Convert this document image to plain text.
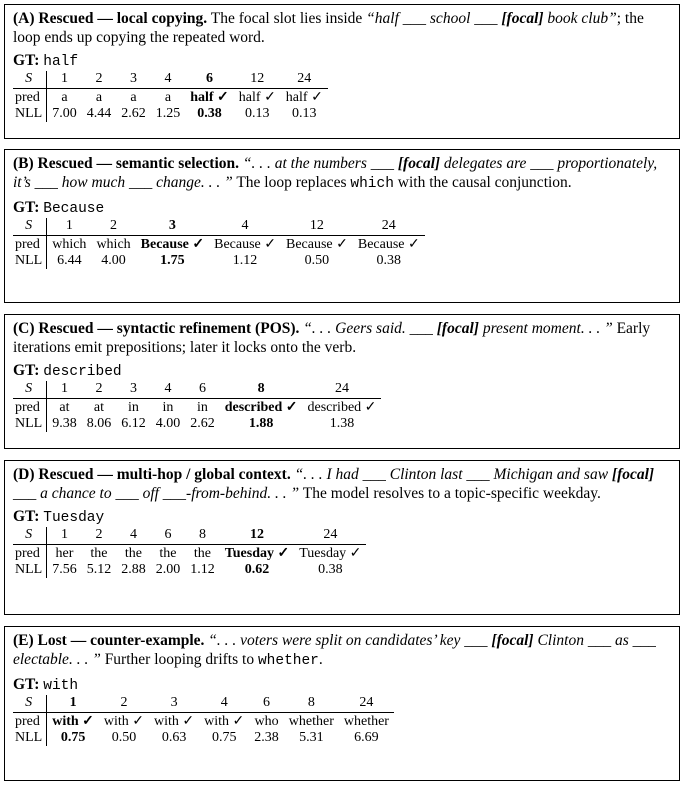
(A) Rescued — local copying. The focal slot lies inside “half ___ school ___ [focal] book club”; the loop ends up copying the repeated word.

GT: half
S	1	2	3	4	6	12	24
pred	a	a	a	a	half ✓	half ✓	half ✓
NLL	7.00	4.44	2.62	1.25	0.38	0.13	0.13

(B) Rescued — semantic selection. “. . . at the numbers ___ [focal] delegates are ___ proportionately, it’s ___ how much ___ change. . . ” The loop replaces which with the causal conjunction.

GT: Because
S	1	2	3	4	12	24
pred	which	which	Because ✓	Because ✓	Because ✓	Because ✓
NLL	6.44	4.00	1.75	1.12	0.50	0.38

(C) Rescued — syntactic refinement (POS). “. . . Geers said. ___ [focal] present moment. . . ” Early iterations emit prepositions; later it locks onto the verb.

GT: described
S	1	2	3	4	6	8	24
pred	at	at	in	in	in	described ✓	described ✓
NLL	9.38	8.06	6.12	4.00	2.62	1.88	1.38

(D) Rescued — multi-hop / global context. “. . . I had ___ Clinton last ___ Michigan and saw [focal] ___ a chance to ___ off ___-from-behind. . . ” The model resolves to a topic-specific weekday.

GT: Tuesday
S	1	2	4	6	8	12	24
pred	her	the	the	the	the	Tuesday ✓	Tuesday ✓
NLL	7.56	5.12	2.88	2.00	1.12	0.62	0.38

(E) Lost — counter-example. “. . . voters were split on candidates’ key ___ [focal] Clinton ___ as ___ electable. . . ” Further looping drifts to whether.

GT: with
S	1	2	3	4	6	8	24
pred	with ✓	with ✓	with ✓	with ✓	who	whether	whether
NLL	0.75	0.50	0.63	0.75	2.38	5.31	6.69
